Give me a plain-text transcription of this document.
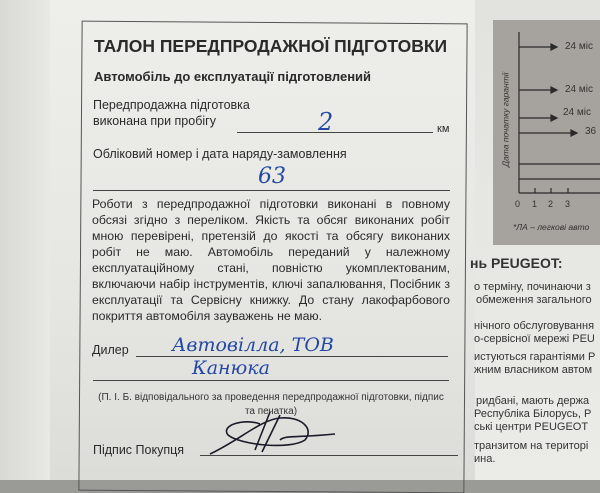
ТАЛОН ПЕРЕДПРОДАЖНОЇ ПІДГОТОВКИ
Автомобіль до експлуатації підготовлений
Передпродажна підготовка
виконана при пробігу	2	км
Обліковий номер і дата наряду-замовлення
63
Роботи з передпродажної підготовки виконані в повному обсязі згідно з переліком. Якість та обсяг виконаних робіт мною перевірені, претензій до якості та обсягу виконаних робіт не маю. Автомобіль переданий у належному експлуатаційному стані, повністю укомплектованим, включаючи набір інструментів, ключі запалювання, Посібник з експлуатації та Сервісну книжку. До стану лакофарбового покриття автомобіля зауважень не маю.
Дилер Автовілла, ТОВ
Канюка
(П. І. Б. відповідального за проведення передпродажної підготовки, підпис та печатка)
Підпис Покупця
Дата початку гарантії
24 міс
24 міс
24 міс
36
0 1 2 3
*ЛА – легкові авто
нь PEUGEOT:
о терміну, починаючи з
обмеження загального
нічного обслуговування
о-сервісної мережі PEU
истуються гарантіями P
жним власником автом
ридбані, мають держа
Республіка Білорусь, Р
ські центри PEUGEOT
транзитом на територі
ина.
